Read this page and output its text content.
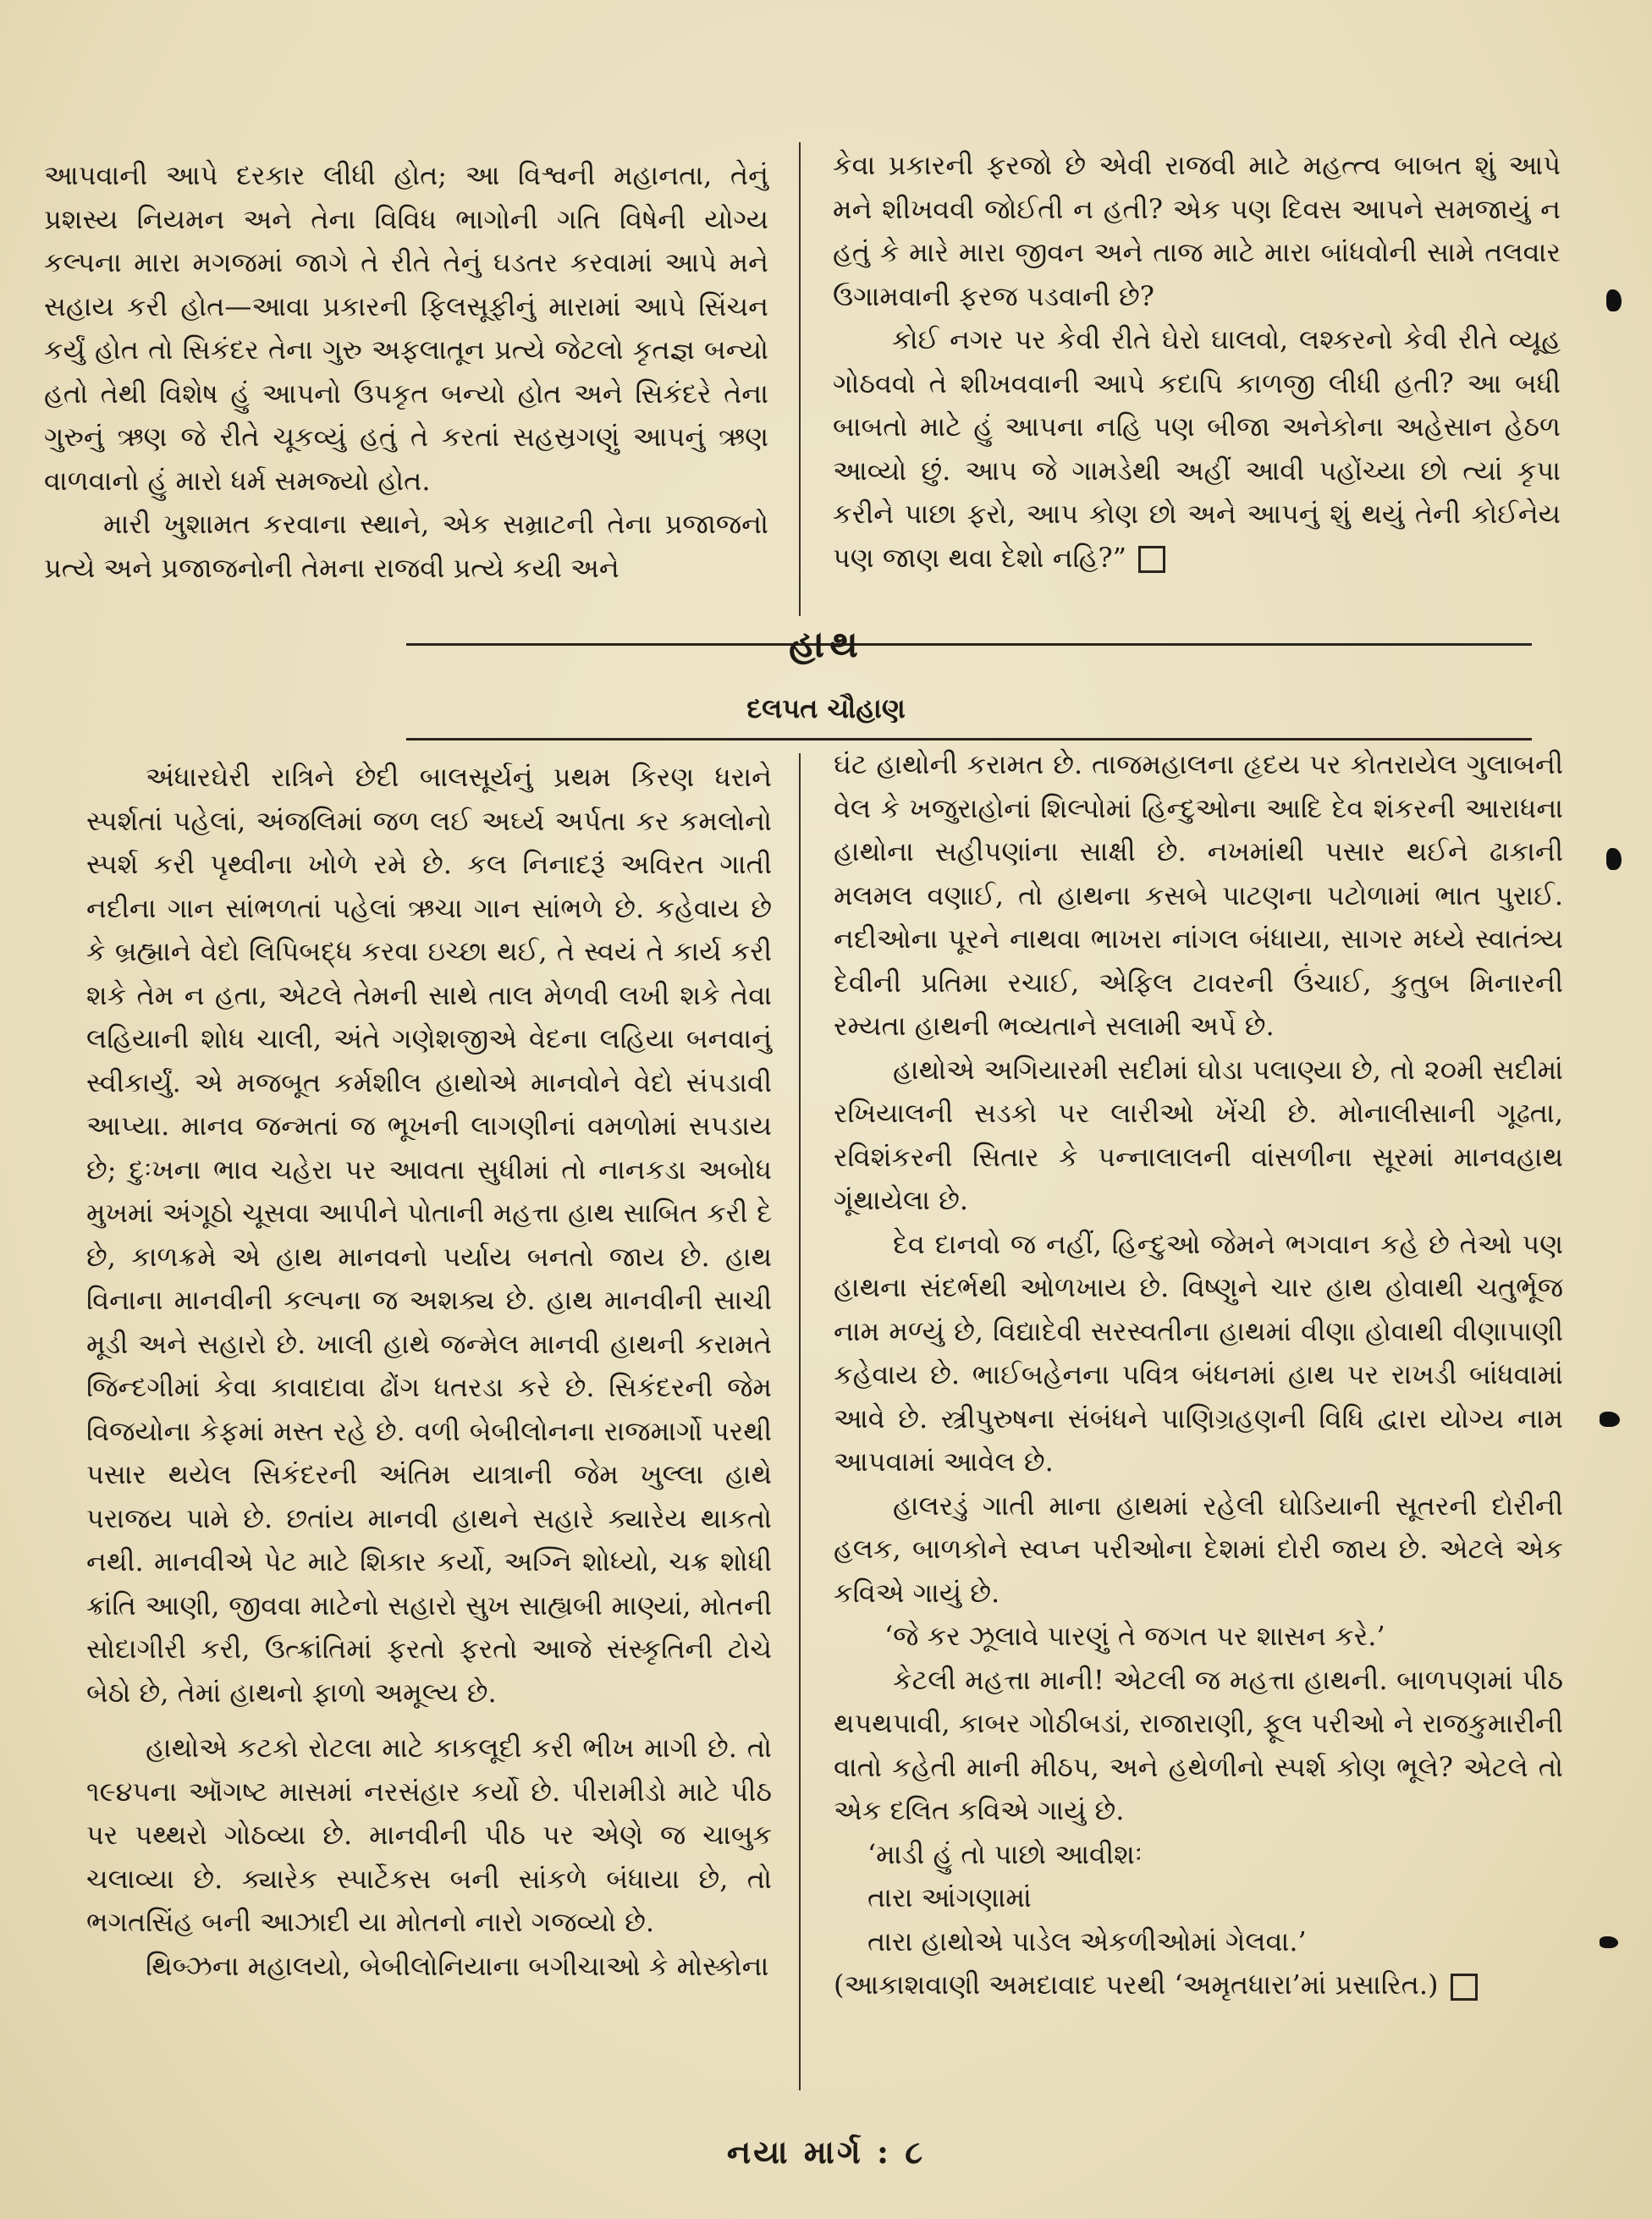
આપવાની આપે દરકાર લીધી હોત; આ વિશ્વની મહાનતા, તેનું પ્રશસ્ય નિયમન અને તેના વિવિધ ભાગોની ગતિ વિષેની યોગ્ય કલ્પના મારા મગજમાં જાગે તે રીતે તેનું ઘડતર કરવામાં આપે મને સહાય કરી હોત—આવા પ્રકારની ફિલસૂફીનું મારામાં આપે સિંચન કર્યું હોત તો સિકંદર તેના ગુરુ અફલાતૂન પ્રત્યે જેટલો કૃતજ્ઞ બન્યો હતો તેથી વિશેષ હું આપનો ઉપકૃત બન્યો હોત અને સિકંદરે તેના ગુરુનું ઋણ જે રીતે ચૂકવ્યું હતું તે કરતાં સહસ્રગણું આપનું ઋણ વાળવાનો હું મારો ધર્મ સમજ્યો હોત.

મારી ખુશામત કરવાના સ્થાને, એક સમ્રાટની તેના પ્રજાજનો પ્રત્યે અને પ્રજાજનોની તેમના રાજવી પ્રત્યે કયી અને

કેવા પ્રકારની ફરજો છે એવી રાજવી માટે મહત્ત્વ બાબત શું આપે મને શીખવવી જોઈતી ન હતી? એક પણ દિવસ આપને સમજાયું ન હતું કે મારે મારા જીવન અને તાજ માટે મારા બાંધવોની સામે તલવાર ઉગામવાની ફરજ પડવાની છે?

કોઈ નગર પર કેવી રીતે ઘેરો ઘાલવો, લશ્કરનો કેવી રીતે વ્યૂહ ગોઠવવો તે શીખવવાની આપે કદાપિ કાળજી લીધી હતી? આ બધી બાબતો માટે હું આપના નહિ પણ બીજા અનેકોના અહેસાન હેઠળ આવ્યો છું. આપ જે ગામડેથી અહીં આવી પહોંચ્યા છો ત્યાં કૃપા કરીને પાછા ફરો, આપ કોણ છો અને આપનું શું થયું તેની કોઈનેય પણ જાણ થવા દેશો નહિ?”

હાથ
દલપત ચૌહાણ

અંધારઘેરી રાત્રિને છેદી બાલસૂર્યનું પ્રથમ કિરણ ધરાને સ્પર્શતાં પહેલાં, અંજલિમાં જળ લઈ અર્ઘ્ય અર્પતા કર કમલોનો સ્પર્શ કરી પૃથ્વીના ખોળે રમે છે. કલ નિનાદરૂં અવિરત ગાતી નદીના ગાન સાંભળતાં પહેલાં ઋચા ગાન સાંભળે છે. કહેવાય છે કે બ્રહ્માને વેદો લિપિબદ્ધ કરવા ઇચ્છા થઈ, તે સ્વયં તે કાર્ય કરી શકે તેમ ન હતા, એટલે તેમની સાથે તાલ મેળવી લખી શકે તેવા લહિયાની શોધ ચાલી, અંતે ગણેશજીએ વેદના લહિયા બનવાનું સ્વીકાર્યું. એ મજબૂત કર્મશીલ હાથોએ માનવોને વેદો સંપડાવી આપ્યા. માનવ જન્મતાં જ ભૂખની લાગણીનાં વમળોમાં સપડાય છે; દુઃખના ભાવ ચહેરા પર આવતા સુધીમાં તો નાનકડા અબોધ મુખમાં અંગૂઠો ચૂસવા આપીને પોતાની મહત્તા હાથ સાબિત કરી દે છે, કાળક્રમે એ હાથ માનવનો પર્યાય બનતો જાય છે. હાથ વિનાના માનવીની કલ્પના જ અશક્ય છે. હાથ માનવીની સાચી મૂડી અને સહારો છે. ખાલી હાથે જન્મેલ માનવી હાથની કરામતે જિન્દગીમાં કેવા કાવાદાવા ઢોંગ ધતરડા કરે છે. સિકંદરની જેમ વિજયોના કેફમાં મસ્ત રહે છે. વળી બેબીલોનના રાજમાર્ગો પરથી પસાર થયેલ સિકંદરની અંતિમ યાત્રાની જેમ ખુલ્લા હાથે પરાજય પામે છે. છતાંય માનવી હાથને સહારે ક્યારેય થાકતો નથી. માનવીએ પેટ માટે શિકાર કર્યો, અગ્નિ શોધ્યો, ચક્ર શોધી ક્રાંતિ આણી, જીવવા માટેનો સહારો સુખ સાહ્યબી માણ્યાં, મોતની સોદાગીરી કરી, ઉત્ક્રાંતિમાં ફરતો ફરતો આજે સંસ્કૃતિની ટોચે બેઠો છે, તેમાં હાથનો ફાળો અમૂલ્ય છે.

હાથોએ કટકો રોટલા માટે કાકલૂદી કરી ભીખ માગી છે. તો ૧૯૪૫ના ઑગષ્ટ માસમાં નરસંહાર કર્યો છે. પીરામીડો માટે પીઠ પર પથ્થરો ગોઠવ્યા છે. માનવીની પીઠ પર એણે જ ચાબુક ચલાવ્યા છે. ક્યારેક સ્પાર્ટેકસ બની સાંકળે બંધાયા છે, તો ભગતસિંહ બની આઝાદી યા મોતનો નારો ગજવ્યો છે.

થિબ્ઝના મહાલયો, બેબીલોનિયાના બગીચાઓ કે મોસ્કોના

ઘંટ હાથોની કરામત છે. તાજમહાલના હૃદય પર કોતરાયેલ ગુલાબની વેલ કે ખજુરાહોનાં શિલ્પોમાં હિન્દુઓના આદિ દેવ શંકરની આરાધના હાથોના સહીપણાંના સાક્ષી છે. નખમાંથી પસાર થઈને ઢાકાની મલમલ વણાઈ, તો હાથના કસબે પાટણના પટોળામાં ભાત પુરાઈ. નદીઓના પૂરને નાથવા ભાખરા નાંગલ બંધાયા, સાગર મધ્યે સ્વાતંત્ર્ય દેવીની પ્રતિમા રચાઈ, એફિલ ટાવરની ઉંચાઈ, કુતુબ મિનારની રમ્યતા હાથની ભવ્યતાને સલામી અર્પે છે.

હાથોએ અગિયારમી સદીમાં ઘોડા પલાણ્યા છે, તો ૨૦મી સદીમાં રખિયાલની સડકો પર લારીઓ ખેંચી છે. મોનાલીસાની ગૂઢતા, રવિશંકરની સિતાર કે પન્નાલાલની વાંસળીના સૂરમાં માનવહાથ ગૂંથાયેલા છે.

દેવ દાનવો જ નહીં, હિન્દુઓ જેમને ભગવાન કહે છે તેઓ પણ હાથના સંદર્ભથી ઓળખાય છે. વિષ્ણુને ચાર હાથ હોવાથી ચતુર્ભૂજ નામ મળ્યું છે, વિદ્યાદેવી સરસ્વતીના હાથમાં વીણા હોવાથી વીણાપાણી કહેવાય છે. ભાઈબહેનના પવિત્ર બંધનમાં હાથ પર રાખડી બાંધવામાં આવે છે. સ્ત્રીપુરુષના સંબંધને પાણિગ્રહણની વિધિ દ્વારા યોગ્ય નામ આપવામાં આવેલ છે.

હાલરડું ગાતી માના હાથમાં રહેલી ઘોડિયાની સૂતરની દોરીની હલક, બાળકોને સ્વપ્ન પરીઓના દેશમાં દોરી જાય છે. એટલે એક કવિએ ગાયું છે.

‘જે કર ઝૂલાવે પારણું તે જગત પર શાસન કરે.’

કેટલી મહત્તા માની! એટલી જ મહત્તા હાથની. બાળપણમાં પીઠ થપથપાવી, કાબર ગોઠીબડાં, રાજારાણી, ફૂલ પરીઓ ને રાજકુમારીની વાતો કહેતી માની મીઠપ, અને હથેળીનો સ્પર્શ કોણ ભૂલે? એટલે તો એક દલિત કવિએ ગાયું છે.

‘માડી હું તો પાછો આવીશઃ

તારા આંગણામાં

તારા હાથોએ પાડેલ એકળીઓમાં ગેલવા.’

(આકાશવાણી અમદાવાદ પરથી ‘અમૃતધારા’માં પ્રસારિત.)

નયા માર્ગ : ૮
